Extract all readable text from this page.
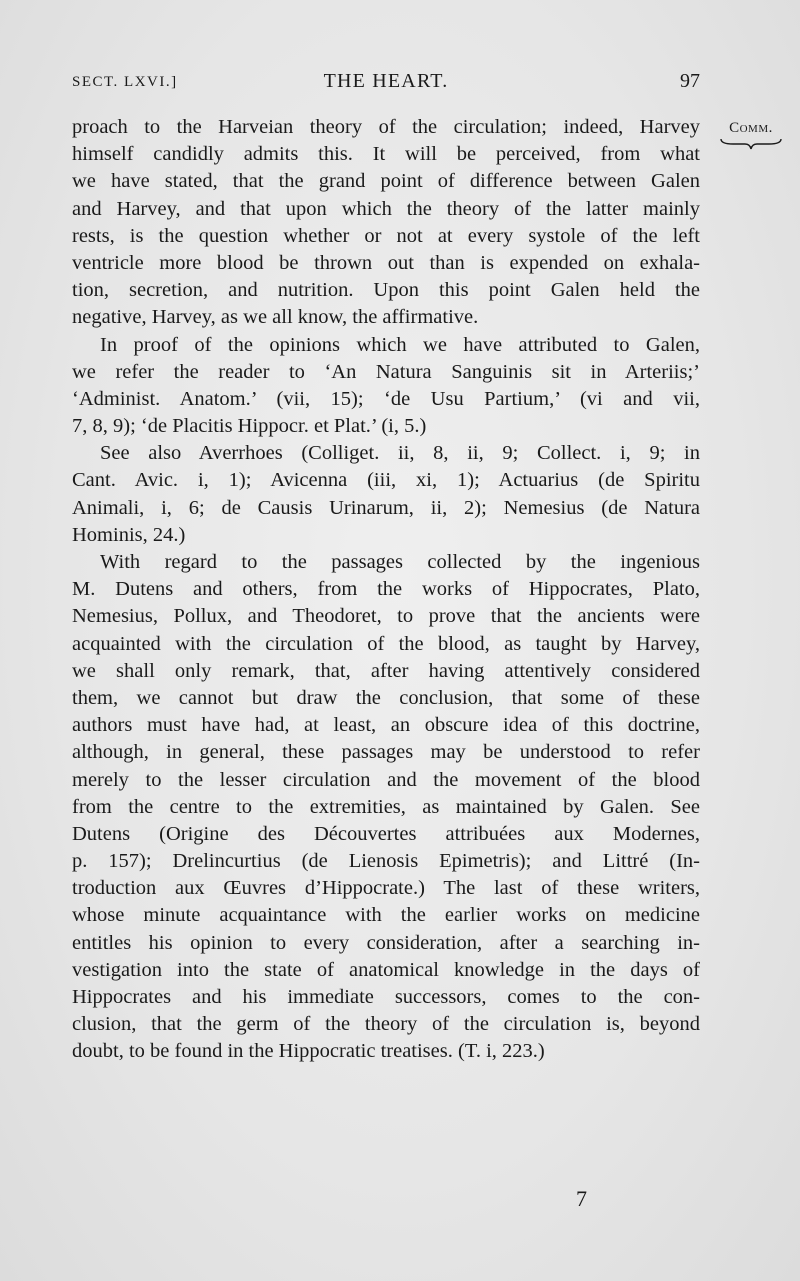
SECT. LXVI.]	THE HEART.	97
Comm.
proach to the Harveian theory of the circulation; indeed, Harvey
himself candidly admits this. It will be perceived, from what
we have stated, that the grand point of difference between Galen
and Harvey, and that upon which the theory of the latter mainly
rests, is the question whether or not at every systole of the left
ventricle more blood be thrown out than is expended on exhala-
tion, secretion, and nutrition. Upon this point Galen held the
negative, Harvey, as we all know, the affirmative.
In proof of the opinions which we have attributed to Galen,
we refer the reader to ‘An Natura Sanguinis sit in Arteriis;’
‘Administ. Anatom.’ (vii, 15); ‘de Usu Partium,’ (vi and vii,
7, 8, 9); ‘de Placitis Hippocr. et Plat.’ (i, 5.)
See also Averrhoes (Colliget. ii, 8, ii, 9; Collect. i, 9; in
Cant. Avic. i, 1); Avicenna (iii, xi, 1); Actuarius (de Spiritu
Animali, i, 6; de Causis Urinarum, ii, 2); Nemesius (de Natura
Hominis, 24.)
With regard to the passages collected by the ingenious
M. Dutens and others, from the works of Hippocrates, Plato,
Nemesius, Pollux, and Theodoret, to prove that the ancients were
acquainted with the circulation of the blood, as taught by Harvey,
we shall only remark, that, after having attentively considered
them, we cannot but draw the conclusion, that some of these
authors must have had, at least, an obscure idea of this doctrine,
although, in general, these passages may be understood to refer
merely to the lesser circulation and the movement of the blood
from the centre to the extremities, as maintained by Galen. See
Dutens (Origine des Découvertes attribuées aux Modernes,
p. 157); Drelincurtius (de Lienosis Epimetris); and Littré (In-
troduction aux Œuvres d’Hippocrate.) The last of these writers,
whose minute acquaintance with the earlier works on medicine
entitles his opinion to every consideration, after a searching in-
vestigation into the state of anatomical knowledge in the days of
Hippocrates and his immediate successors, comes to the con-
clusion, that the germ of the theory of the circulation is, beyond
doubt, to be found in the Hippocratic treatises. (T. i, 223.)
7
